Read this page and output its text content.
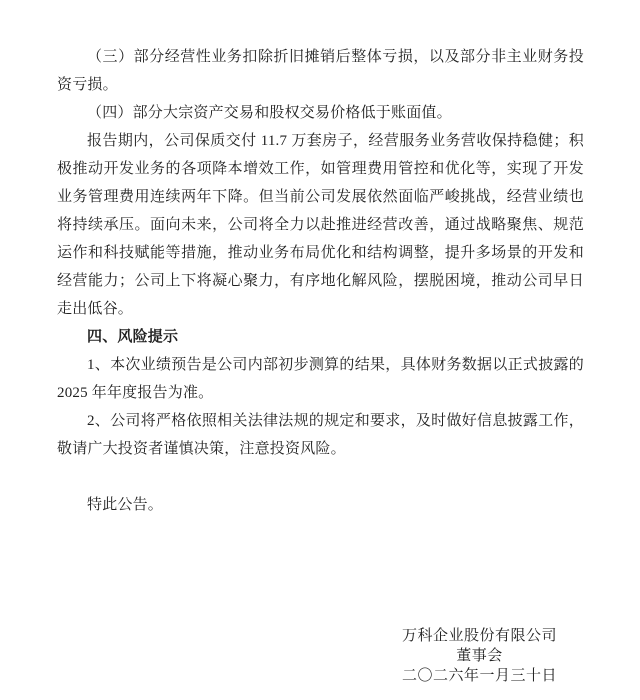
（三）部分经营性业务扣除折旧摊销后整体亏损，以及部分非主业财务投资亏损。

（四）部分大宗资产交易和股权交易价格低于账面值。

报告期内，公司保质交付 11.7 万套房子，经营服务业务营收保持稳健；积极推动开发业务的各项降本增效工作，如管理费用管控和优化等，实现了开发业务管理费用连续两年下降。但当前公司发展依然面临严峻挑战，经营业绩也将持续承压。面向未来，公司将全力以赴推进经营改善，通过战略聚焦、规范运作和科技赋能等措施，推动业务布局优化和结构调整，提升多场景的开发和经营能力；公司上下将凝心聚力，有序地化解风险，摆脱困境，推动公司早日走出低谷。

四、风险提示

1、本次业绩预告是公司内部初步测算的结果，具体财务数据以正式披露的 2025 年年度报告为准。

2、公司将严格依照相关法律法规的规定和要求，及时做好信息披露工作，敬请广大投资者谨慎决策，注意投资风险。

特此公告。

万科企业股份有限公司
董事会
二〇二六年一月三十日
